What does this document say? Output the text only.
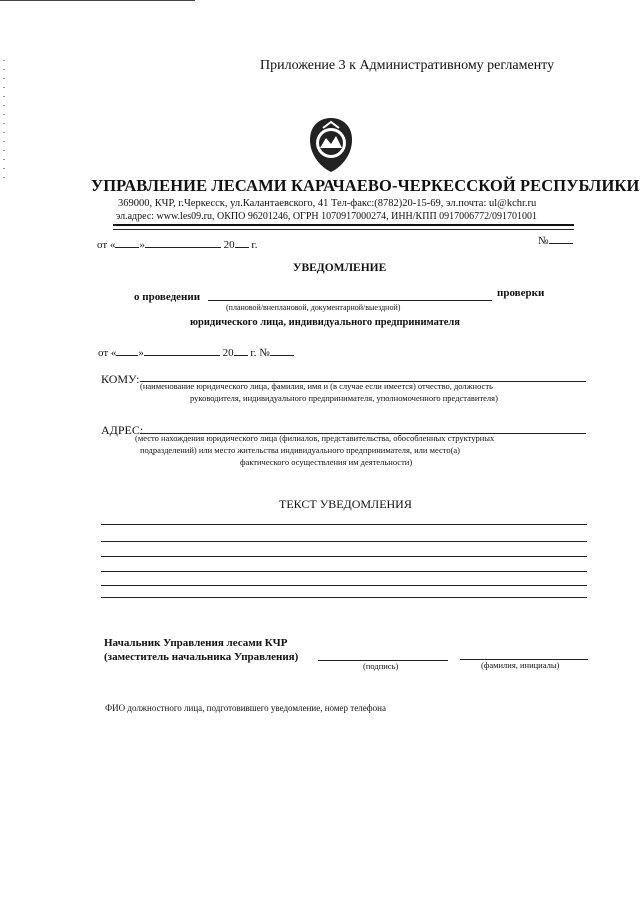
Приложение 3 к Административному регламенту
УПРАВЛЕНИЕ ЛЕСАМИ КАРАЧАЕВО-ЧЕРКЕССКОЙ РЕСПУБЛИКИ
369000, КЧР, г.Черкесск, ул.Калантаевского, 41 Тел-факс:(8782)20-15-69, эл.почта: ul@kchr.ru
эл.адрес: www.les09.ru, ОКПО 96201246, ОГРН 1070917000274, ИНН/КПП 0917006772/091701001
от « »	20 г.	№
УВЕДОМЛЕНИЕ
о проведении	проверки
(плановой/внеплановой, документарной/выездной)
юридического лица, индивидуального предпринимателя
от « »	20 г. №
КОМУ: (наименование юридического лица, фамилия, имя и (в случае если имеется) отчество, должность
руководителя, индивидуального предпринимателя, уполномоченного представителя)
АДРЕС:
(место нахождения юридического лица (филиалов, представительства, обособленных структурных
подразделений) или место жительства индивидуального предпринимателя, или место(а)
фактического осуществления им деятельности)
ТЕКСТ УВЕДОМЛЕНИЯ
Начальник Управления лесами КЧР
(заместитель начальника Управления)
(подпись)	(фамилия, инициалы)
ФИО должностного лица, подготовившего уведомление, номер телефона
